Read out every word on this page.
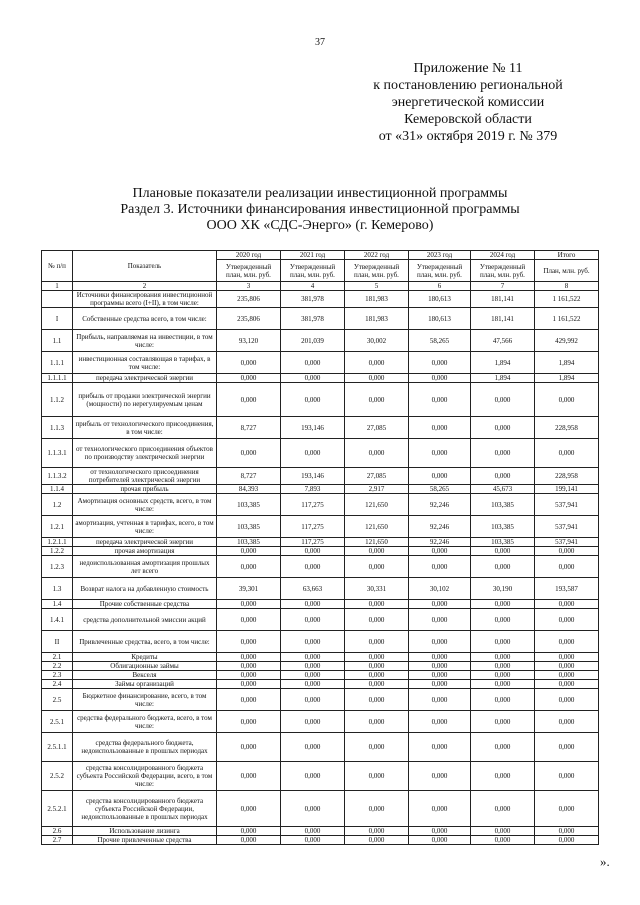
37
Приложение № 11
к постановлению региональной
энергетической комиссии
Кемеровской области
от «31» октября 2019 г. № 379
Плановые показатели реализации инвестиционной программы
Раздел 3. Источники финансирования инвестиционной программы
ООО ХК «СДС-Энерго» (г. Кемерово)
№ п/п	Показатель	2020 год	2021 год	2022 год	2023 год	2024 год	Итого
		Утвержденный план, млн. руб.	Утвержденный план, млн. руб.	Утвержденный план, млн. руб.	Утвержденный план, млн. руб.	Утвержденный план, млн. руб.	План, млн. руб.
1	2	3	4	5	6	7	8
	Источники финансирования инвестиционной программы всего (I+II), в том числе:	235,806	381,978	181,983	180,613	181,141	1 161,522
I	Собственные средства всего, в том числе:	235,806	381,978	181,983	180,613	181,141	1 161,522
1.1	Прибыль, направляемая на инвестиции, в том числе:	93,120	201,039	30,002	58,265	47,566	429,992
1.1.1	инвестиционная составляющая в тарифах, в том числе:	0,000	0,000	0,000	0,000	1,894	1,894
1.1.1.1	передача электрической энергии	0,000	0,000	0,000	0,000	1,894	1,894
1.1.2	прибыль от продажи электрической энергии (мощности) по нерегулируемым ценам	0,000	0,000	0,000	0,000	0,000	0,000
1.1.3	прибыль от технологического присоединения, в том числе:	8,727	193,146	27,085	0,000	0,000	228,958
1.1.3.1	от технологического присоединения объектов по производству электрической энергии	0,000	0,000	0,000	0,000	0,000	0,000
1.1.3.2	от технологического присоединения потребителей электрической энергии	8,727	193,146	27,085	0,000	0,000	228,958
1.1.4	прочая прибыль	84,393	7,893	2,917	58,265	45,673	199,141
1.2	Амортизация основных средств, всего, в том числе:	103,385	117,275	121,650	92,246	103,385	537,941
1.2.1	амортизация, учтенная в тарифах, всего, в том числе:	103,385	117,275	121,650	92,246	103,385	537,941
1.2.1.1	передача электрической энергии	103,385	117,275	121,650	92,246	103,385	537,941
1.2.2	прочая амортизация	0,000	0,000	0,000	0,000	0,000	0,000
1.2.3	недоиспользованная амортизация прошлых лет всего	0,000	0,000	0,000	0,000	0,000	0,000
1.3	Возврат налога на добавленную стоимость	39,301	63,663	30,331	30,102	30,190	193,587
1.4	Прочие собственные средства	0,000	0,000	0,000	0,000	0,000	0,000
1.4.1	средства дополнительной эмиссии акций	0,000	0,000	0,000	0,000	0,000	0,000
II	Привлеченные средства, всего, в том числе:	0,000	0,000	0,000	0,000	0,000	0,000
2.1	Кредиты	0,000	0,000	0,000	0,000	0,000	0,000
2.2	Облигационные займы	0,000	0,000	0,000	0,000	0,000	0,000
2.3	Векселя	0,000	0,000	0,000	0,000	0,000	0,000
2.4	Займы организаций	0,000	0,000	0,000	0,000	0,000	0,000
2.5	Бюджетное финансирование, всего, в том числе:	0,000	0,000	0,000	0,000	0,000	0,000
2.5.1	средства федерального бюджета, всего, в том числе:	0,000	0,000	0,000	0,000	0,000	0,000
2.5.1.1	средства федерального бюджета, недоиспользованные в прошлых периодах	0,000	0,000	0,000	0,000	0,000	0,000
2.5.2	средства консолидированного бюджета субъекта Российской Федерации, всего, в том числе:	0,000	0,000	0,000	0,000	0,000	0,000
2.5.2.1	средства консолидированного бюджета субъекта Российской Федерации, недоиспользованные в прошлых периодах	0,000	0,000	0,000	0,000	0,000	0,000
2.6	Использование лизинга	0,000	0,000	0,000	0,000	0,000	0,000
2.7	Прочие привлеченные средства	0,000	0,000	0,000	0,000	0,000	0,000
».
